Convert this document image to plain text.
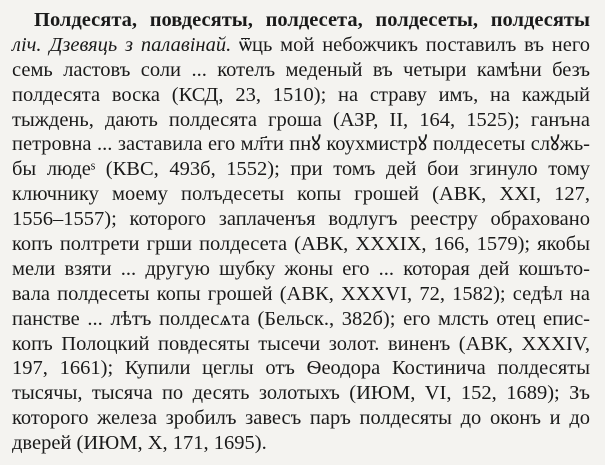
Полдесята, повдесяты, полдесета, полдесеты, полдесяты
ліч. Дзевяць з палавінай. ѿць мой небожчикъ поставилъ въ него
семь ластовъ соли ... котелъ меденый въ четыри камѣни безъ
полдесята воска (КСД, 23, 1510); на страву имъ, на каждый
тыждень, дають полдесята гроша (АЗР, II, 164, 1525); ганъна
петровна ... заставила его мл҃ти пнꙋ коухмистрꙋ полдесеты слꙋжь-
бы людеˢ (КВС, 493б, 1552); при томъ дей бои згинуло тому
ключнику моему полъдесеты копы грошей (АВК, XXI, 127,
1556–1557); которого заплаченъя водлугъ реестру обраховано
копъ полтрети грши полдесета (АВК, XXXIX, 166, 1579); якобы
мели взяти ... другую шубку жоны его ... которая дей кошъто-
вала полдесеты копы грошей (АВК, XXXVI, 72, 1582); седѣл на
панстве ... лѣтъ полдесѧта (Бельск., 382б); его млсть отец епис-
копъ Полоцкий повдесяты тысечи золот. виненъ (АВК, XXXIV,
197, 1661); Купили цеглы отъ Ѳеодора Костинича полдесяты
тысячы, тысяча по десять золотыхъ (ИЮМ, VI, 152, 1689); Зъ
которого железа зробилъ завесъ паръ полдесяты до оконъ и до
дверей (ИЮМ, X, 171, 1695).
